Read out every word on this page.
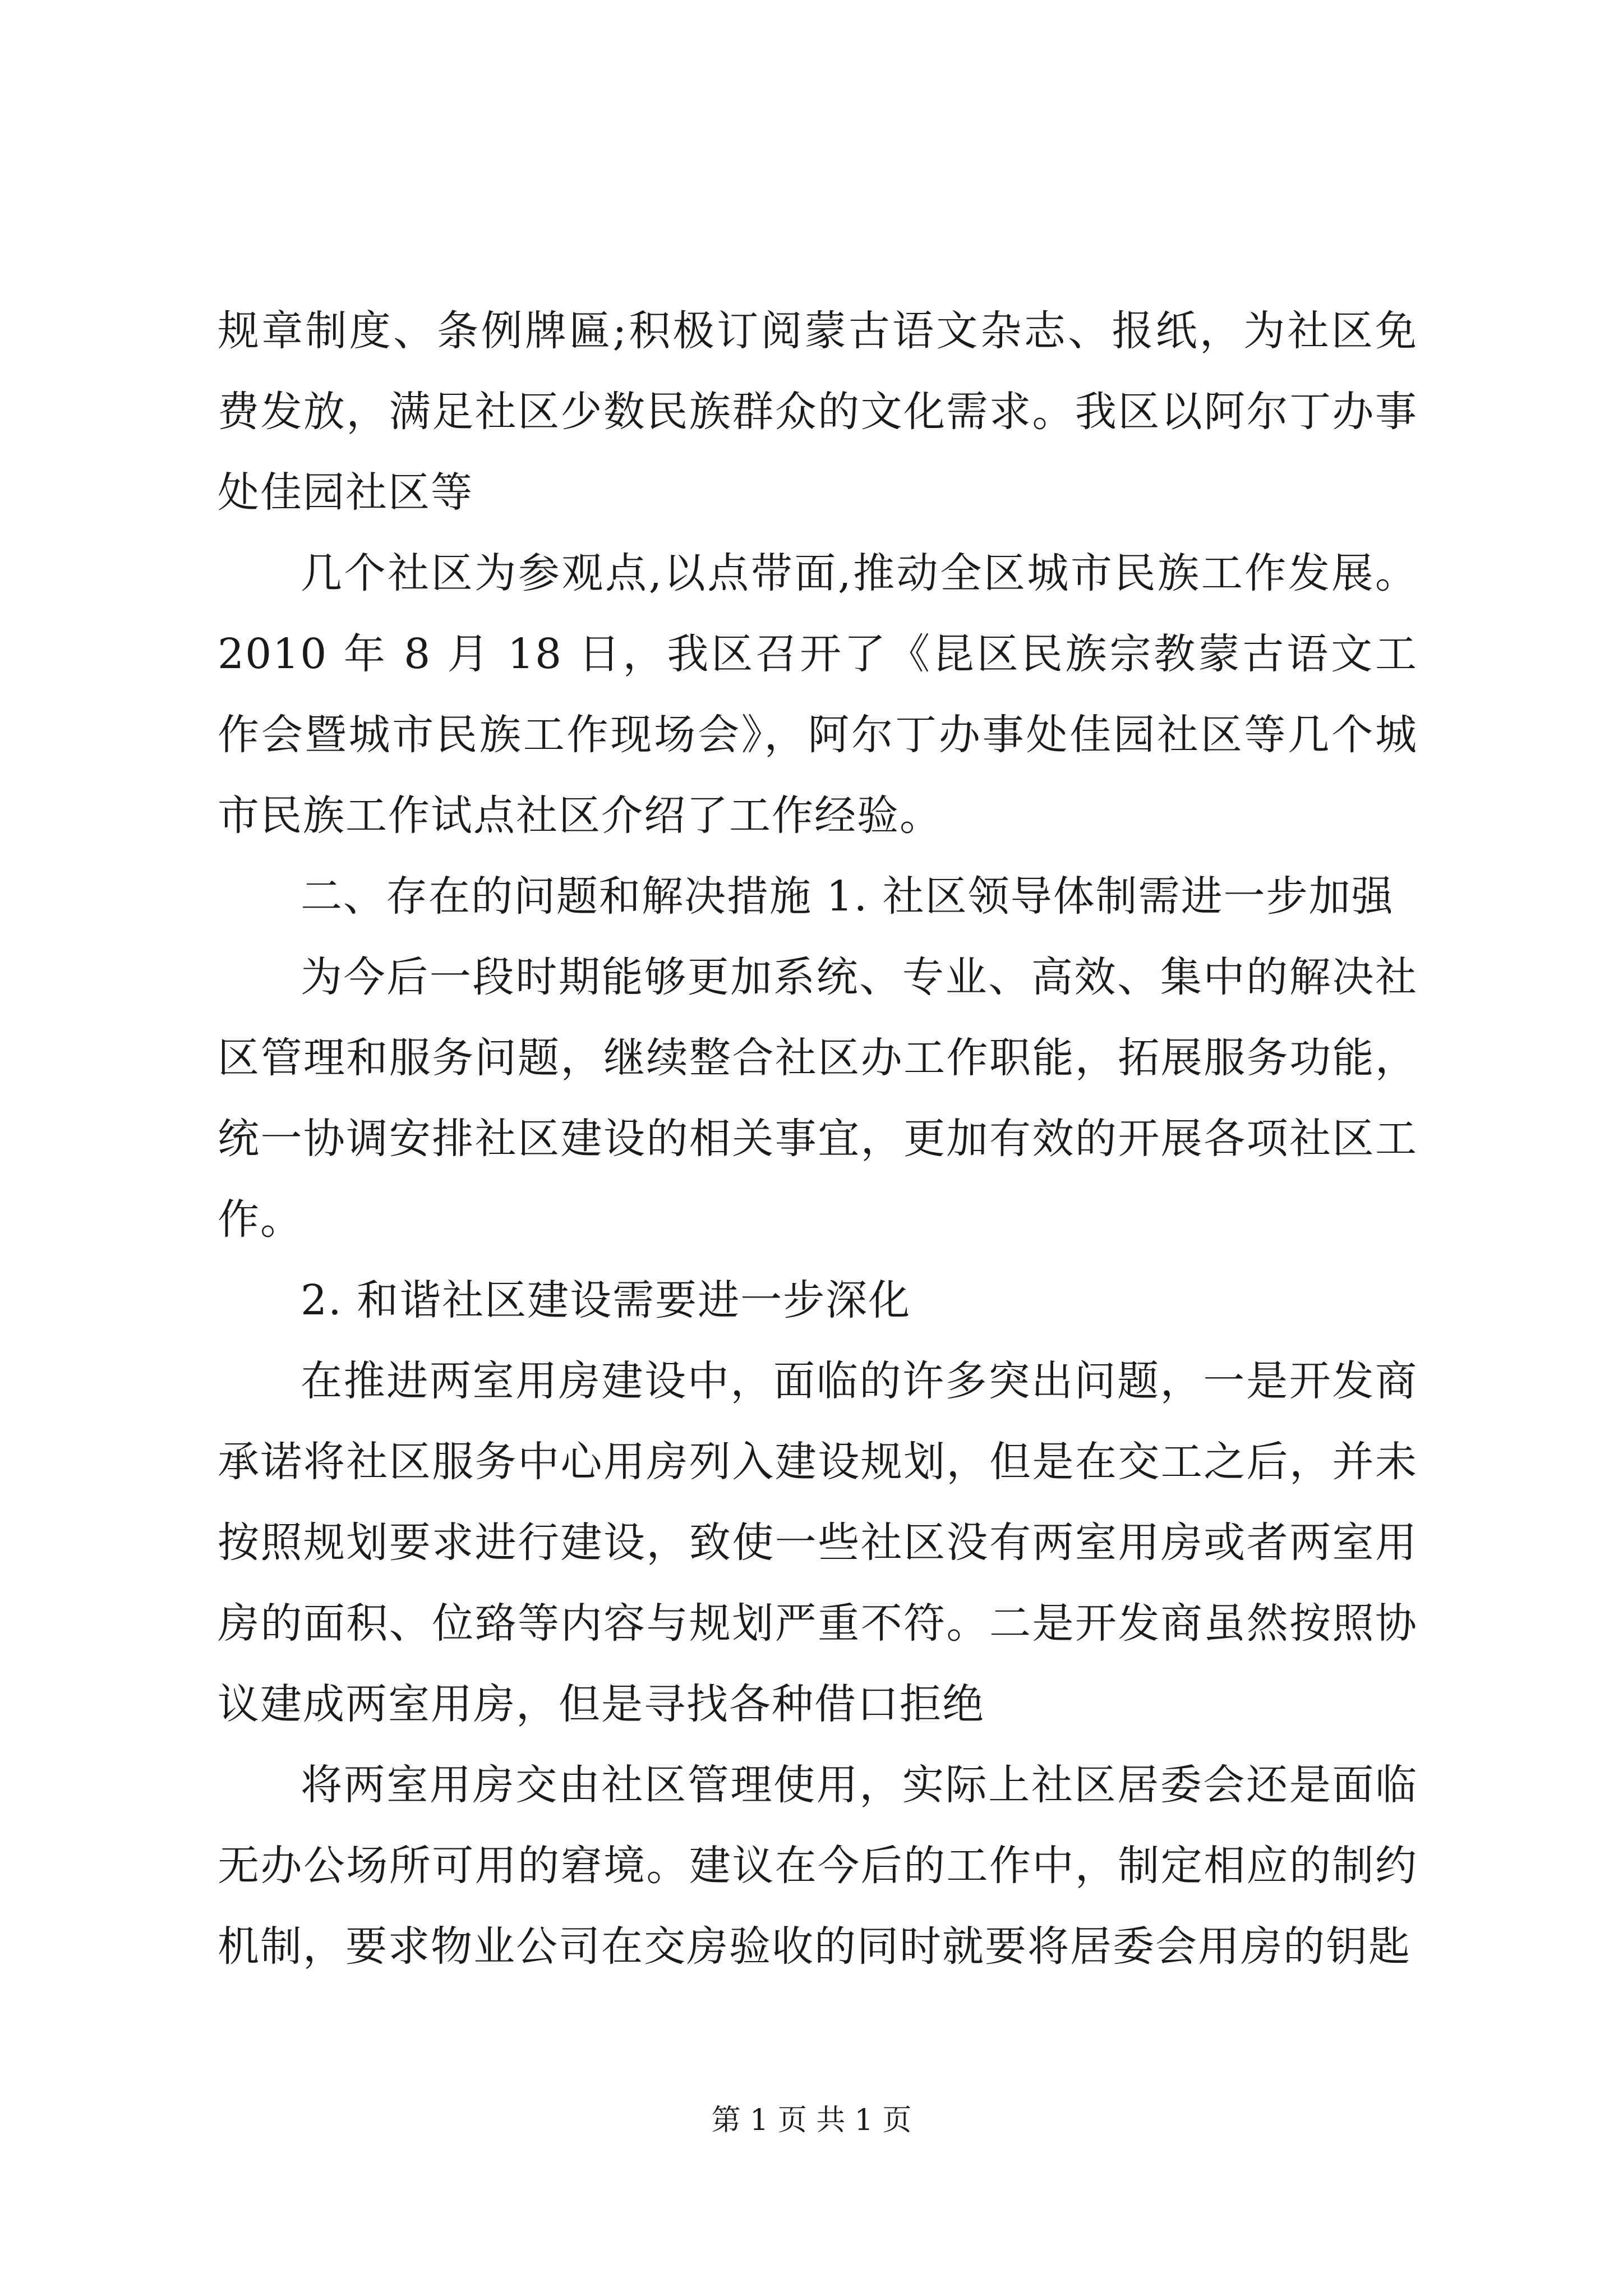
规章制度、条例牌匾;积极订阅蒙古语文杂志、报纸，为社区免费发放，满足社区少数民族群众的文化需求。我区以阿尔丁办事处佳园社区等

几个社区为参观点,以点带面,推动全区城市民族工作发展。2010 年 8 月 18 日，我区召开了《昆区民族宗教蒙古语文工作会暨城市民族工作现场会》，阿尔丁办事处佳园社区等几个城市民族工作试点社区介绍了工作经验。

二、存在的问题和解决措施 1. 社区领导体制需进一步加强

为今后一段时期能够更加系统、专业、高效、集中的解决社区管理和服务问题，继续整合社区办工作职能，拓展服务功能，统一协调安排社区建设的相关事宜，更加有效的开展各项社区工作。

2. 和谐社区建设需要进一步深化

在推进两室用房建设中，面临的许多突出问题，一是开发商承诺将社区服务中心用房列入建设规划，但是在交工之后，并未按照规划要求进行建设，致使一些社区没有两室用房或者两室用房的面积、位臵等内容与规划严重不符。二是开发商虽然按照协议建成两室用房，但是寻找各种借口拒绝

将两室用房交由社区管理使用，实际上社区居委会还是面临无办公场所可用的窘境。建议在今后的工作中，制定相应的制约机制，要求物业公司在交房验收的同时就要将居委会用房的钥匙

第 1 页 共 1 页
